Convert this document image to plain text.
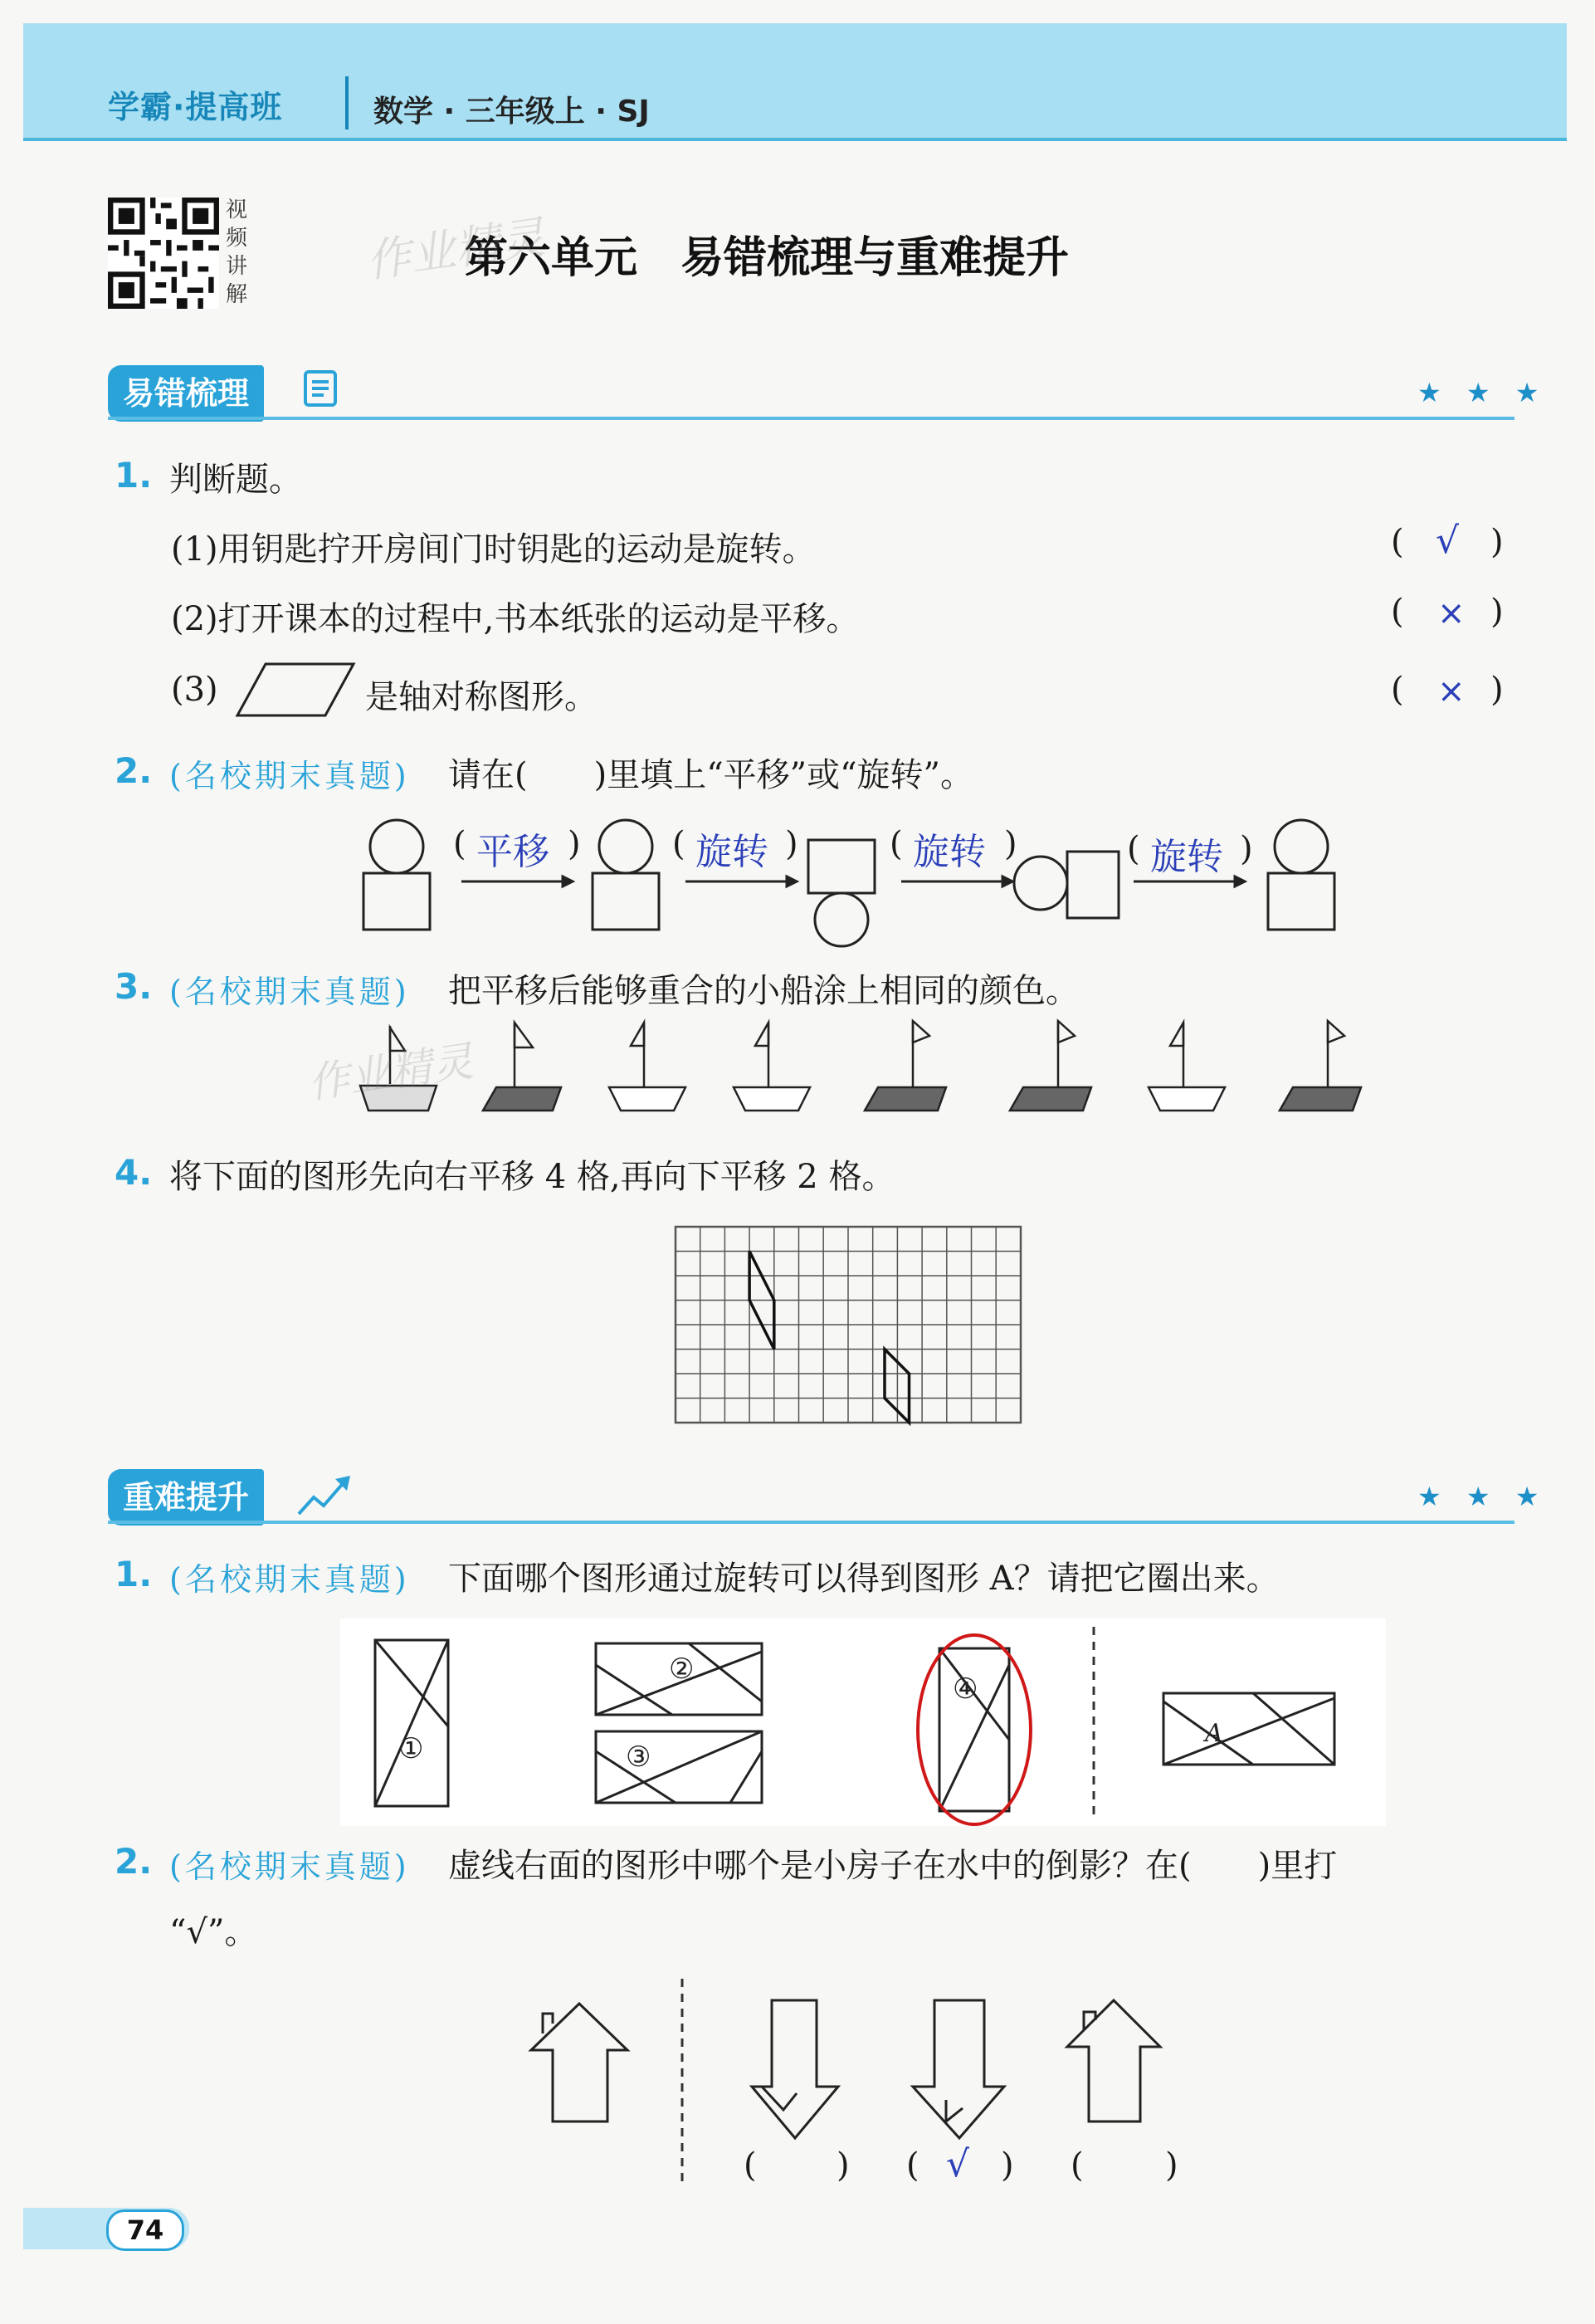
学霸·提高班	数学 · 三年级上 · SJ
视频讲解
第六单元　易错梳理与重难提升
作业精灵
易错梳理	★ ★ ★
1. 判断题。
(1)用钥匙拧开房间门时钥匙的运动是旋转。	( √ )
(2)打开课本的过程中,书本纸张的运动是平移。	( × )
(3)	是轴对称图形。	( × )
2. (名校期末真题) 请在(　　)里填上“平移”或“旋转”。
( 平移 )	( 旋转 )	( 旋转 )	( 旋转 )
3. (名校期末真题) 把平移后能够重合的小船涂上相同的颜色。
作业精灵
4. 将下面的图形先向右平移 4 格,再向下平移 2 格。
重难提升	★ ★ ★
1. (名校期末真题) 下面哪个图形通过旋转可以得到图形 A？请把它圈出来。
①
②
③
④
A
2. (名校期末真题) 虚线右面的图形中哪个是小房子在水中的倒影？在(　　)里打
“√”。
( ) ( √ ) ( )
74
